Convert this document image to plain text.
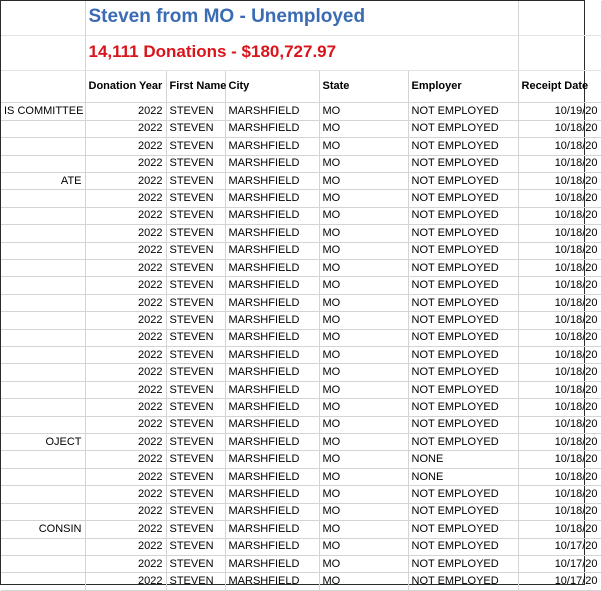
	Steven from MO - Unemployed					
	14,111 Donations - $180,727.97					
	Donation Year	First Name	City	State	Employer	Receipt Date
IS COMMITTEE	2022	STEVEN	MARSHFIELD	MO	NOT EMPLOYED	10/19/20
	2022	STEVEN	MARSHFIELD	MO	NOT EMPLOYED	10/18/20
	2022	STEVEN	MARSHFIELD	MO	NOT EMPLOYED	10/18/20
	2022	STEVEN	MARSHFIELD	MO	NOT EMPLOYED	10/18/20
ATE	2022	STEVEN	MARSHFIELD	MO	NOT EMPLOYED	10/18/20
	2022	STEVEN	MARSHFIELD	MO	NOT EMPLOYED	10/18/20
	2022	STEVEN	MARSHFIELD	MO	NOT EMPLOYED	10/18/20
	2022	STEVEN	MARSHFIELD	MO	NOT EMPLOYED	10/18/20
	2022	STEVEN	MARSHFIELD	MO	NOT EMPLOYED	10/18/20
	2022	STEVEN	MARSHFIELD	MO	NOT EMPLOYED	10/18/20
	2022	STEVEN	MARSHFIELD	MO	NOT EMPLOYED	10/18/20
	2022	STEVEN	MARSHFIELD	MO	NOT EMPLOYED	10/18/20
	2022	STEVEN	MARSHFIELD	MO	NOT EMPLOYED	10/18/20
	2022	STEVEN	MARSHFIELD	MO	NOT EMPLOYED	10/18/20
	2022	STEVEN	MARSHFIELD	MO	NOT EMPLOYED	10/18/20
	2022	STEVEN	MARSHFIELD	MO	NOT EMPLOYED	10/18/20
	2022	STEVEN	MARSHFIELD	MO	NOT EMPLOYED	10/18/20
	2022	STEVEN	MARSHFIELD	MO	NOT EMPLOYED	10/18/20
	2022	STEVEN	MARSHFIELD	MO	NOT EMPLOYED	10/18/20
OJECT	2022	STEVEN	MARSHFIELD	MO	NOT EMPLOYED	10/18/20
	2022	STEVEN	MARSHFIELD	MO	NONE	10/18/20
	2022	STEVEN	MARSHFIELD	MO	NONE	10/18/20
	2022	STEVEN	MARSHFIELD	MO	NOT EMPLOYED	10/18/20
	2022	STEVEN	MARSHFIELD	MO	NOT EMPLOYED	10/18/20
CONSIN	2022	STEVEN	MARSHFIELD	MO	NOT EMPLOYED	10/18/20
	2022	STEVEN	MARSHFIELD	MO	NOT EMPLOYED	10/17/20
	2022	STEVEN	MARSHFIELD	MO	NOT EMPLOYED	10/17/20
	2022	STEVEN	MARSHFIELD	MO	NOT EMPLOYED	10/17/20
